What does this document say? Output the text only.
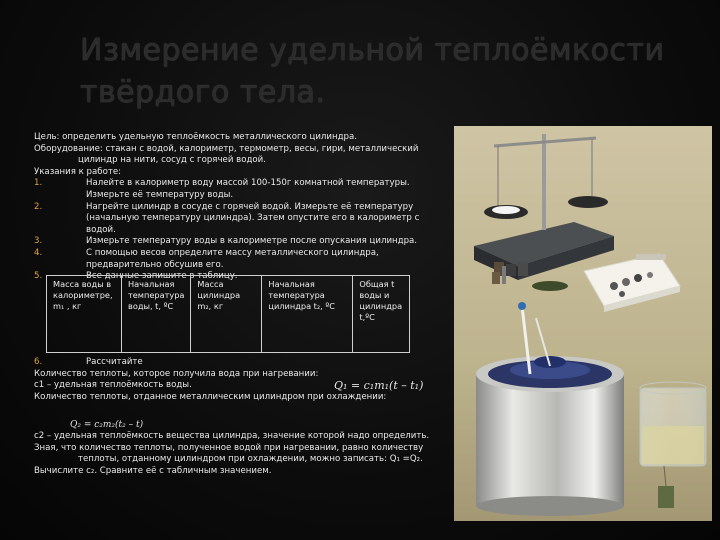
Измерение удельной теплоёмкости твёрдого тела.

Цель: определить удельную теплоёмкость металлического цилиндра.

Оборудование: стакан с водой, калориметр, термометр, весы, гири, металлический цилиндр на нити, сосуд с горячей водой.

Указания к работе:

1.	Налейте в калориметр воду массой 100-150г комнатной температуры. Измерьте её температуру воды.
2.	Нагрейте цилиндр в сосуде с горячей водой. Измерьте её температуру (начальную температуру цилиндра). Затем опустите его в калориметр с водой.
3.	Измерьте температуру воды в калориметре после опускания цилиндра.
4.	С помощью весов определите массу металлического цилиндра, предварительно обсушив его.
5.	Все данные запишите в таблицу.
Масса воды в калориметре, m₁ , кг	Начальная температура воды, t, ºС	Масса цилиндра m₂, кг	Начальная температура цилиндра t₂, ºС	Общая t воды и цилиндра t,ºС
6.	Рассчитайте
Количество теплоты, которое получила вода при нагревании:
с1 – удельная теплоёмкость воды.
Количество теплоты, отданное металлическим цилиндром при охлаждении:
Q₁ = c₁m₁(t – t₁)
Q₂ = c₂m₂(t₂ – t)
с2 – удельная теплоёмкость вещества цилиндра, значение которой надо определить.
Зная, что количество теплоты, полученное водой при нагревании, равно количеству теплоты, отданному цилиндром при охлаждении, можно записать: Q₁ =Q₂.
Вычислите с₂. Сравните её с табличным значением.
